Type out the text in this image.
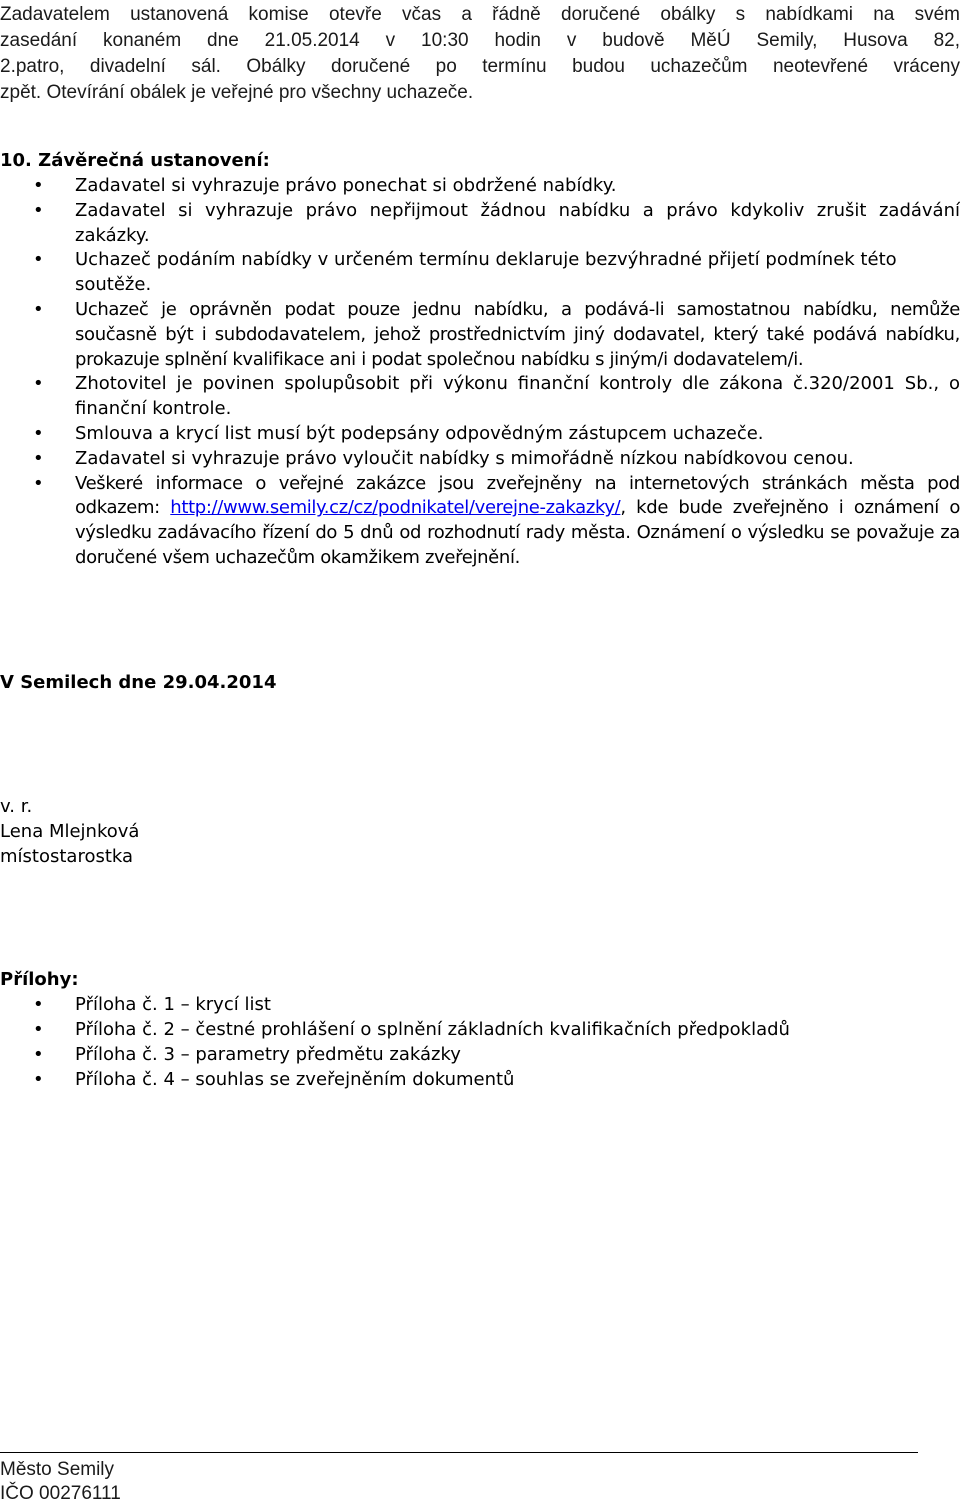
Zadavatelem ustanovená komise otevře včas a řádně doručené obálky s nabídkami na svém
zasedání konaném dne 21.05.2014 v 10:30 hodin v budově MěÚ Semily, Husova 82,
2.patro, divadelní sál. Obálky doručené po termínu budou uchazečům neotevřené vráceny
zpět. Otevírání obálek je veřejné pro všechny uchazeče.
10. Závěrečná ustanovení:
• Zadavatel si vyhrazuje právo ponechat si obdržené nabídky.
• Zadavatel si vyhrazuje právo nepřijmout žádnou nabídku a právo kdykoliv zrušit zadávání zakázky.
• Uchazeč podáním nabídky v určeném termínu deklaruje bezvýhradné přijetí podmínek této soutěže.
• Uchazeč je oprávněn podat pouze jednu nabídku, a podává-li samostatnou nabídku, nemůže současně být i subdodavatelem, jehož prostřednictvím jiný dodavatel, který také podává nabídku, prokazuje splnění kvalifikace ani i podat společnou nabídku s jiným/i dodavatelem/i.
• Zhotovitel je povinen spolupůsobit při výkonu finanční kontroly dle zákona č.320/2001 Sb., o finanční kontrole.
• Smlouva a krycí list musí být podepsány odpovědným zástupcem uchazeče.
• Zadavatel si vyhrazuje právo vyloučit nabídky s mimořádně nízkou nabídkovou cenou.
• Veškeré informace o veřejné zakázce jsou zveřejněny na internetových stránkách města pod odkazem: http://www.semily.cz/cz/podnikatel/verejne-zakazky/, kde bude zveřejněno i oznámení o výsledku zadávacího řízení do 5 dnů od rozhodnutí rady města. Oznámení o výsledku se považuje za doručené všem uchazečům okamžikem zveřejnění.
V Semilech dne 29.04.2014
v. r.
Lena Mlejnková
místostarostka
Přílohy:
• Příloha č. 1 – krycí list
• Příloha č. 2 – čestné prohlášení o splnění základních kvalifikačních předpokladů
• Příloha č. 3 – parametry předmětu zakázky
• Příloha č. 4 – souhlas se zveřejněním dokumentů
Město Semily
IČO 00276111
